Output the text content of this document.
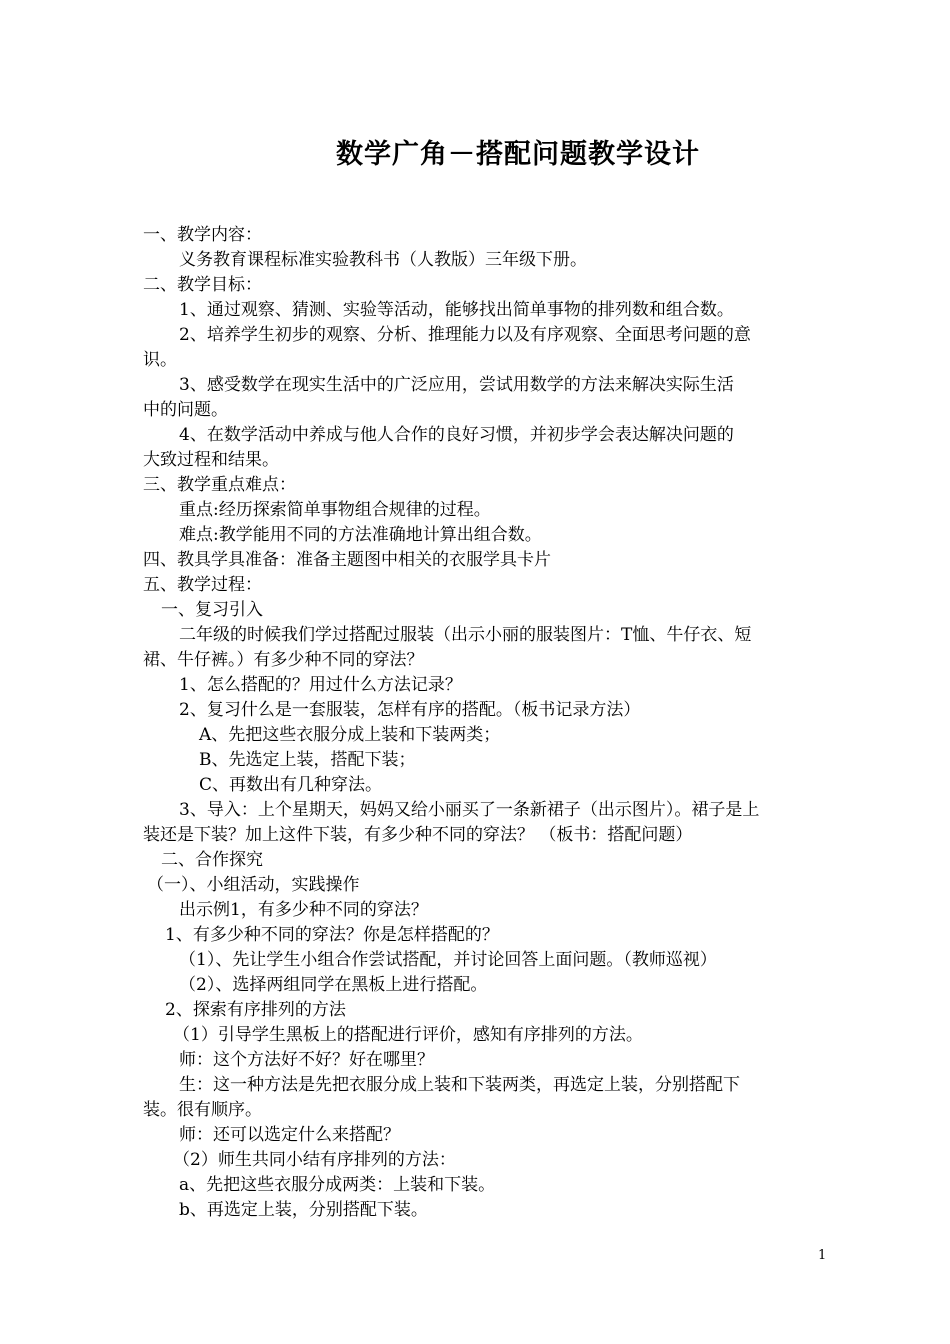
数学广角－搭配问题教学设计
一、教学内容：
义务教育课程标准实验教科书（人教版）三年级下册。
二、教学目标：
1、通过观察、猜测、实验等活动，能够找出简单事物的排列数和组合数。
2、培养学生初步的观察、分析、推理能力以及有序观察、全面思考问题的意
识。
3、感受数学在现实生活中的广泛应用，尝试用数学的方法来解决实际生活
中的问题。
4、在数学活动中养成与他人合作的良好习惯，并初步学会表达解决问题的
大致过程和结果。
三、教学重点难点：
重点:经历探索简单事物组合规律的过程。
难点:教学能用不同的方法准确地计算出组合数。
四、教具学具准备：准备主题图中相关的衣服学具卡片
五、教学过程：
一、复习引入
二年级的时候我们学过搭配过服装（出示小丽的服装图片：T恤、牛仔衣、短
裙、牛仔裤。）有多少种不同的穿法？
1、怎么搭配的？用过什么方法记录？
2、复习什么是一套服装，怎样有序的搭配。（板书记录方法）
A、先把这些衣服分成上装和下装两类；
B、先选定上装，搭配下装；
C、再数出有几种穿法。
3、导入：上个星期天，妈妈又给小丽买了一条新裙子（出示图片）。裙子是上
装还是下装？加上这件下装，有多少种不同的穿法？ （板书：搭配问题）
二、合作探究
（一）、小组活动，实践操作
出示例1，有多少种不同的穿法？
1、有多少种不同的穿法？你是怎样搭配的？
（1）、先让学生小组合作尝试搭配，并讨论回答上面问题。（教师巡视）
（2）、选择两组同学在黑板上进行搭配。
2、探索有序排列的方法
（1）引导学生黑板上的搭配进行评价，感知有序排列的方法。
师：这个方法好不好？好在哪里？
生：这一种方法是先把衣服分成上装和下装两类，再选定上装，分别搭配下
装。很有顺序。
师：还可以选定什么来搭配？
（2）师生共同小结有序排列的方法：
a、先把这些衣服分成两类：上装和下装。
b、再选定上装，分别搭配下装。
1
